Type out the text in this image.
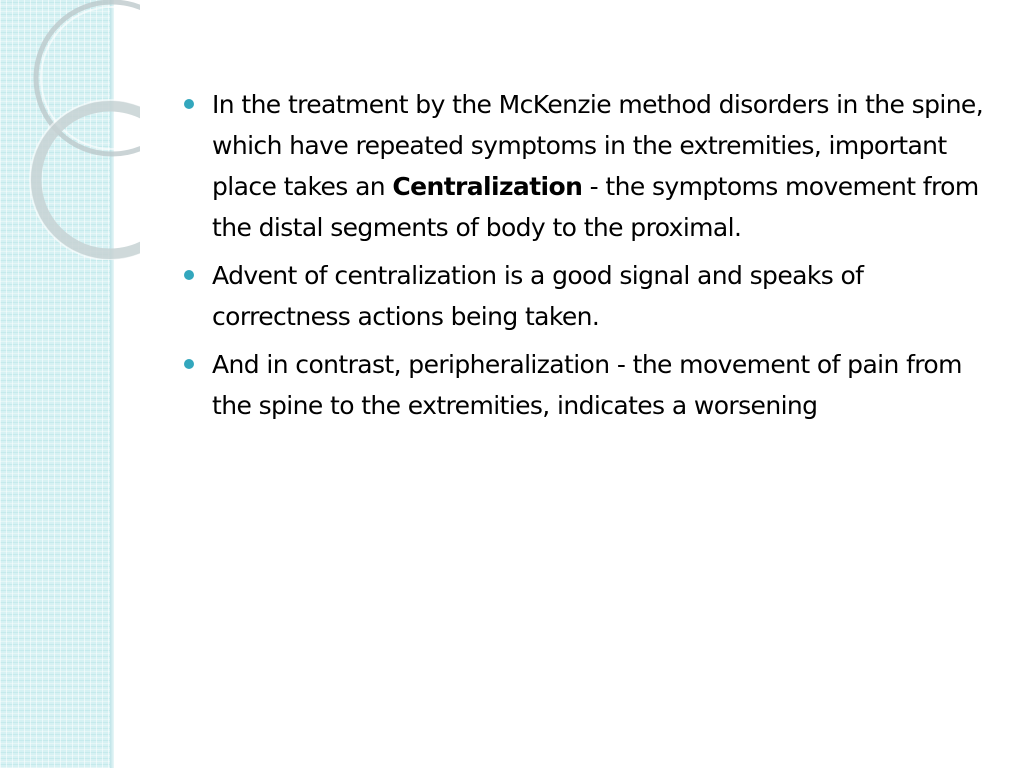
In the treatment by the McKenzie method disorders in the spine, which have repeated symptoms in the extremities, important place takes an Centralization - the symptoms movement from the distal segments of body to the proximal.
Advent of centralization is a good signal and speaks of correctness actions being taken.
And in contrast, peripheralization - the movement of pain from the spine to the extremities, indicates a worsening
